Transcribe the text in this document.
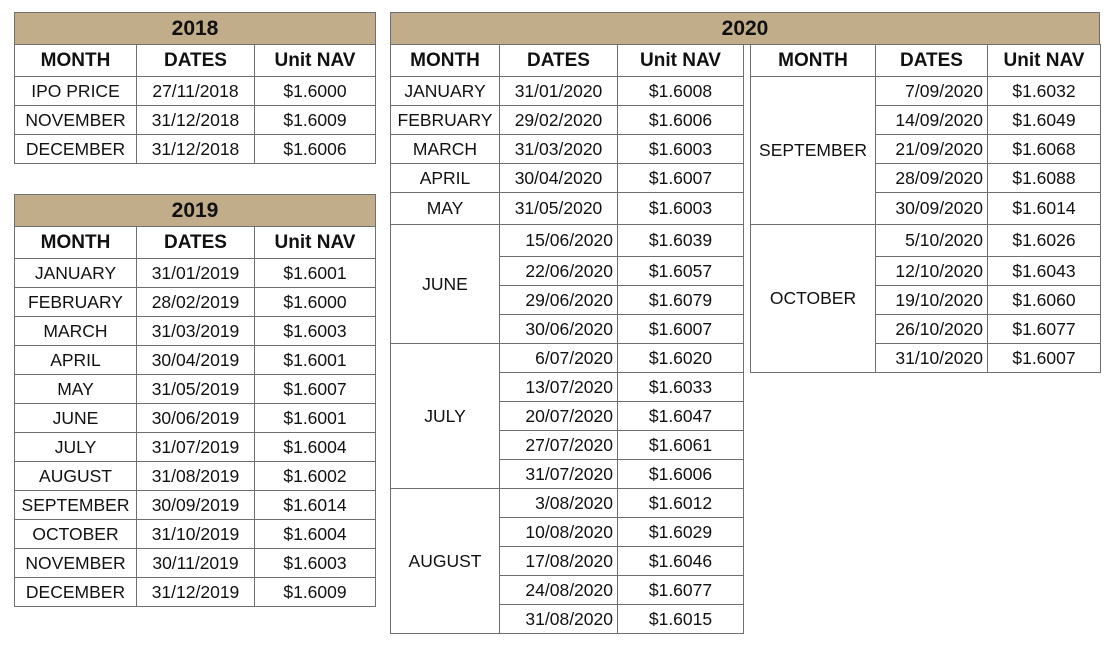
2018		
MONTH	DATES	Unit NAV
IPO PRICE	27/11/2018	$1.6000
NOVEMBER	31/12/2018	$1.6009
DECEMBER	31/12/2018	$1.6006
2019		
MONTH	DATES	Unit NAV
JANUARY	31/01/2019	$1.6001
FEBRUARY	28/02/2019	$1.6000
MARCH	31/03/2019	$1.6003
APRIL	30/04/2019	$1.6001
MAY	31/05/2019	$1.6007
JUNE	30/06/2019	$1.6001
JULY	31/07/2019	$1.6004
AUGUST	31/08/2019	$1.6002
SEPTEMBER	30/09/2019	$1.6014
OCTOBER	31/10/2019	$1.6004
NOVEMBER	30/11/2019	$1.6003
DECEMBER	31/12/2019	$1.6009
2020
MONTH	DATES	Unit NAV
JANUARY	31/01/2020	$1.6008
FEBRUARY	29/02/2020	$1.6006
MARCH	31/03/2020	$1.6003
APRIL	30/04/2020	$1.6007
MAY	31/05/2020	$1.6003
JUNE	15/06/2020	$1.6039
	22/06/2020	$1.6057
	29/06/2020	$1.6079
	30/06/2020	$1.6007
JULY	6/07/2020	$1.6020
	13/07/2020	$1.6033
	20/07/2020	$1.6047
	27/07/2020	$1.6061
	31/07/2020	$1.6006
AUGUST	3/08/2020	$1.6012
	10/08/2020	$1.6029
	17/08/2020	$1.6046
	24/08/2020	$1.6077
	31/08/2020	$1.6015
MONTH	DATES	Unit NAV
SEPTEMBER	7/09/2020	$1.6032
	14/09/2020	$1.6049
	21/09/2020	$1.6068
	28/09/2020	$1.6088
	30/09/2020	$1.6014
OCTOBER	5/10/2020	$1.6026
	12/10/2020	$1.6043
	19/10/2020	$1.6060
	26/10/2020	$1.6077
	31/10/2020	$1.6007
